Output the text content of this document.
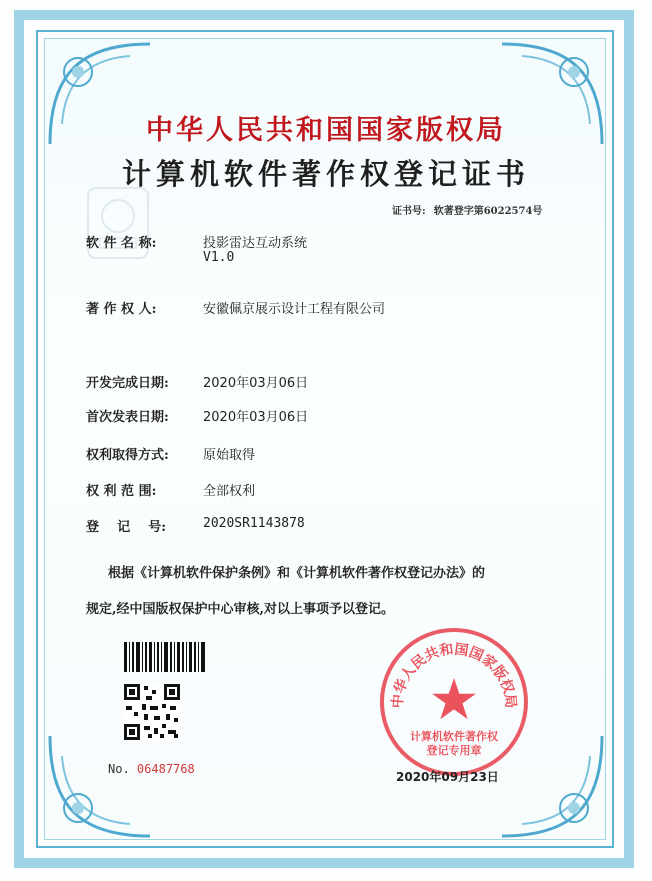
中华人民共和国国家版权局
计算机软件著作权登记证书
证书号: 软著登字第6022574号
软 件 名 称:	投影雷达互动系统
V1.0
著 作 权 人:	安徽佩京展示设计工程有限公司
开发完成日期:	2020年03月06日
首次发表日期:	2020年03月06日
权利取得方式:	原始取得
权 利 范 围:	全部权利
登    记    号:	2020SR1143878
根据《计算机软件保护条例》和《计算机软件著作权登记办法》的
规定,经中国版权保护中心审核,对以上事项予以登记。
No. 06487768
中华人民共和国国家版权局
计算机软件著作权
登记专用章
2020年09月23日
